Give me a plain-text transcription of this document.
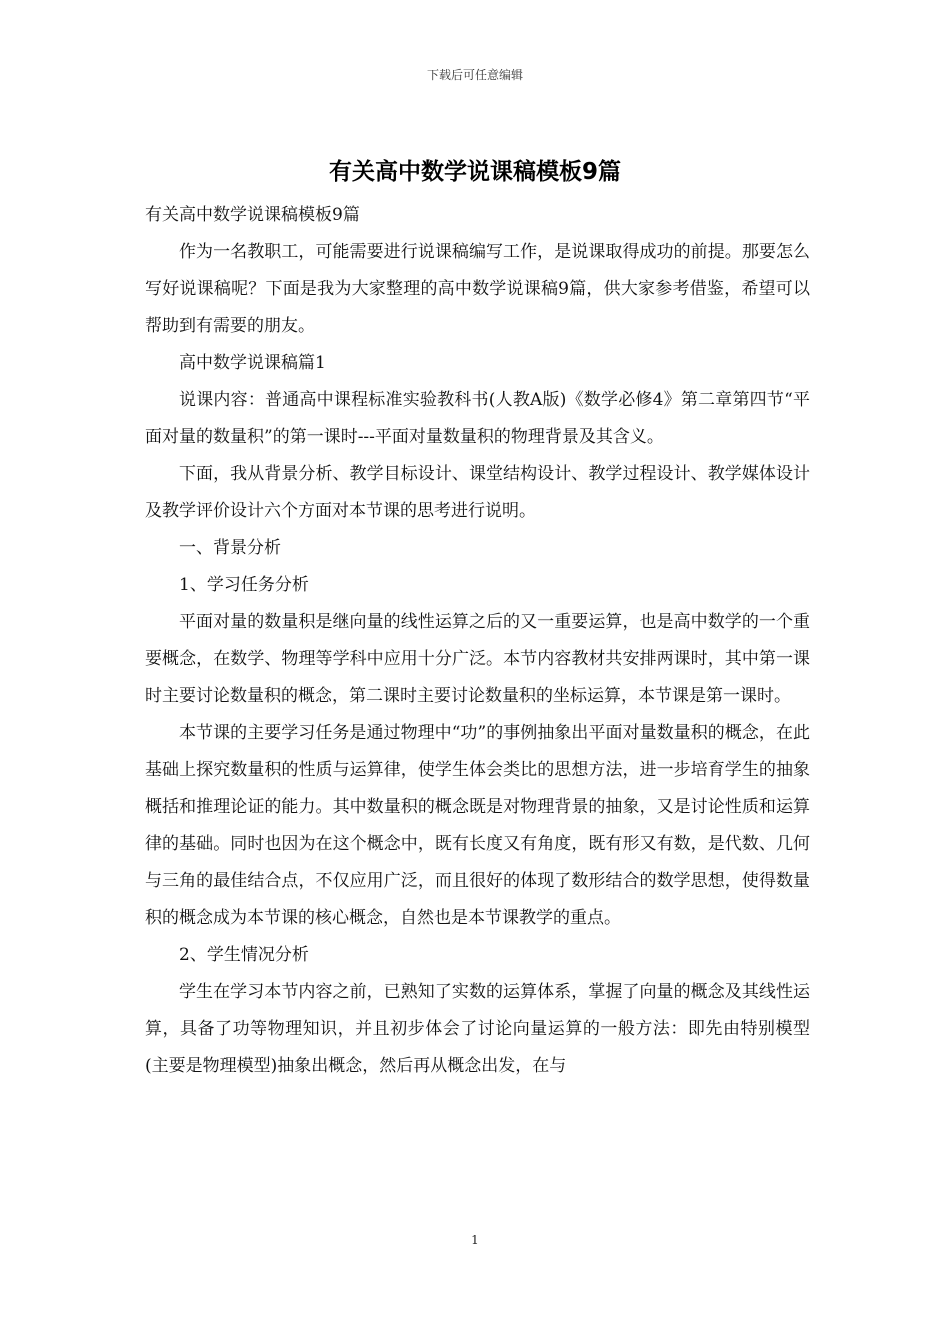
下载后可任意编辑
有关高中数学说课稿模板9篇

有关高中数学说课稿模板9篇

作为一名教职工，可能需要进行说课稿编写工作，是说课取得成功的前提。那要怎么写好说课稿呢？下面是我为大家整理的高中数学说课稿9篇，供大家参考借鉴，希望可以帮助到有需要的朋友。

高中数学说课稿篇1

说课内容：普通高中课程标准实验教科书(人教A版)《数学必修4》第二章第四节“平面对量的数量积”的第一课时---平面对量数量积的物理背景及其含义。

下面，我从背景分析、教学目标设计、课堂结构设计、教学过程设计、教学媒体设计及教学评价设计六个方面对本节课的思考进行说明。

一、背景分析

1、学习任务分析

平面对量的数量积是继向量的线性运算之后的又一重要运算，也是高中数学的一个重要概念，在数学、物理等学科中应用十分广泛。本节内容教材共安排两课时，其中第一课时主要讨论数量积的概念，第二课时主要讨论数量积的坐标运算，本节课是第一课时。

本节课的主要学习任务是通过物理中“功”的事例抽象出平面对量数量积的概念，在此基础上探究数量积的性质与运算律，使学生体会类比的思想方法，进一步培育学生的抽象概括和推理论证的能力。其中数量积的概念既是对物理背景的抽象，又是讨论性质和运算律的基础。同时也因为在这个概念中，既有长度又有角度，既有形又有数，是代数、几何与三角的最佳结合点，不仅应用广泛，而且很好的体现了数形结合的数学思想，使得数量积的概念成为本节课的核心概念，自然也是本节课教学的重点。

2、学生情况分析

学生在学习本节内容之前，已熟知了实数的运算体系，掌握了向量的概念及其线性运算，具备了功等物理知识，并且初步体会了讨论向量运算的一般方法：即先由特别模型(主要是物理模型)抽象出概念，然后再从概念出发，在与

1
